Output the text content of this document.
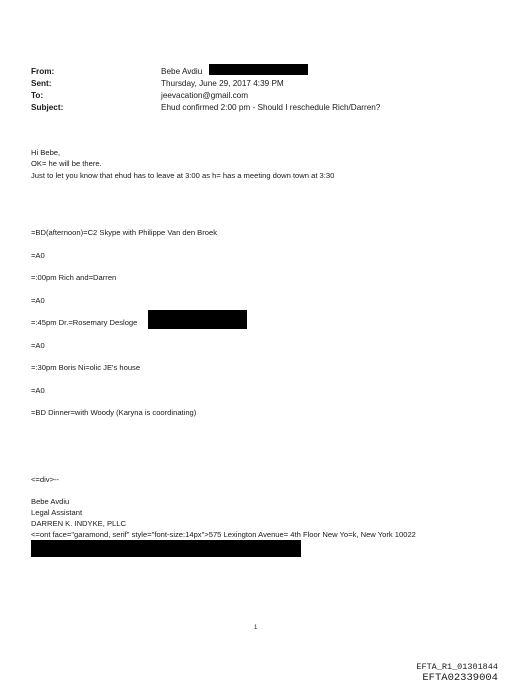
From:	Bebe Avdiu
Sent:	Thursday, June 29, 2017 4:39 PM
To:	jeevacation@gmail.com
Subject:	Ehud confirmed 2:00 pm - Should I reschedule Rich/Darren?
Hi Bebe,
OK= he will be there.
Just to let you know that ehud has to leave at 3:00 as h= has a meeting down town at 3:30
=BD(afternoon)=C2 Skype with Philippe Van den Broek
=A0
=:00pm Rich and=Darren
=A0
=:45pm Dr.=Rosemary Desloge
=A0
=:30pm Boris Ni=olic JE's house
=A0
=BD Dinner=with Woody (Karyna is coordinating)
<=div>--
Bebe Avdiu
Legal Assistant
DARREN K. INDYKE, PLLC
<=ont face="garamond, serif" style="font-size:14px">575 Lexington Avenue= 4th Floor New Yo=k, New York 10022
1
EFTA_R1_01301844
EFTA02339004
